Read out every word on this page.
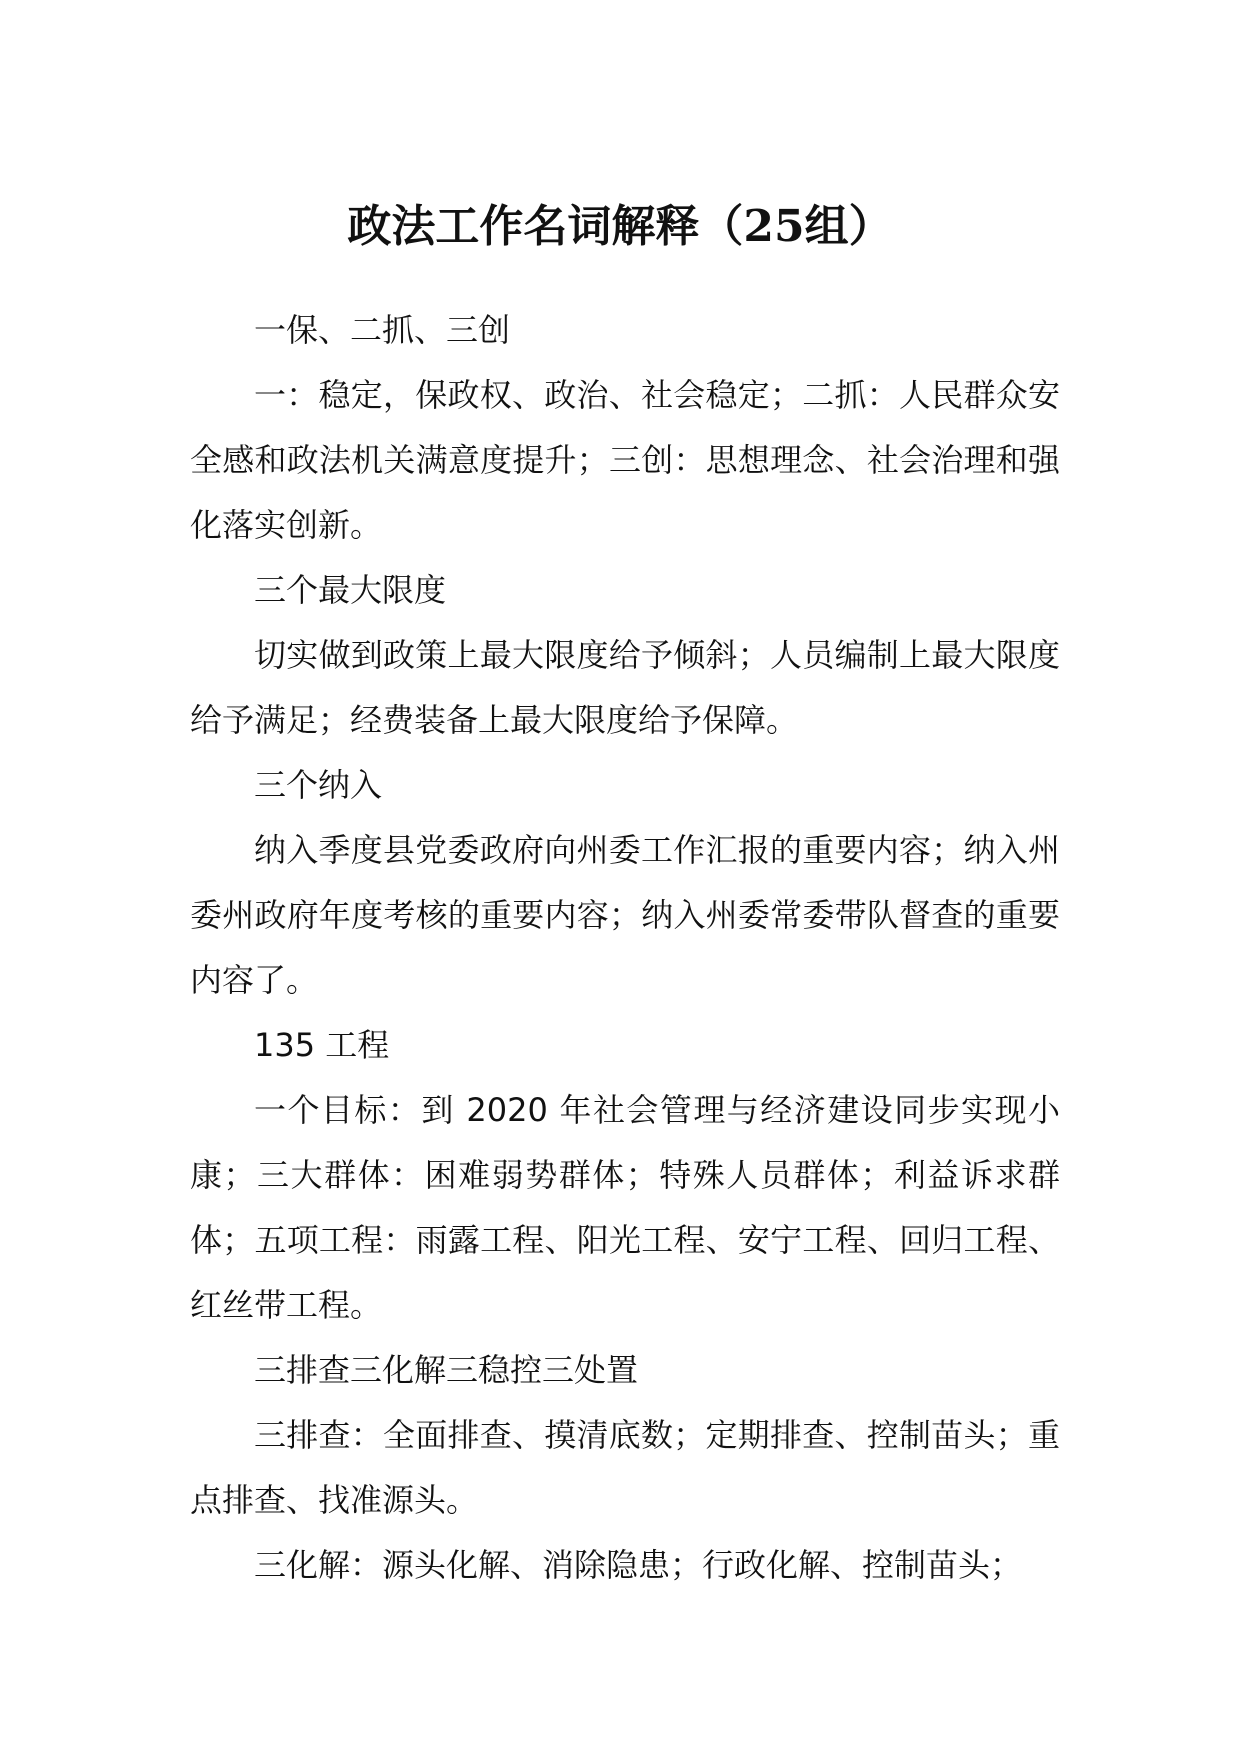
政法工作名词解释（25组）

一保、二抓、三创

一：稳定，保政权、政治、社会稳定；二抓：人民群众安全感和政法机关满意度提升；三创：思想理念、社会治理和强化落实创新。

三个最大限度

切实做到政策上最大限度给予倾斜；人员编制上最大限度给予满足；经费装备上最大限度给予保障。

三个纳入

纳入季度县党委政府向州委工作汇报的重要内容；纳入州委州政府年度考核的重要内容；纳入州委常委带队督查的重要内容了。

135 工程

一个目标：到 2020 年社会管理与经济建设同步实现小康；三大群体：困难弱势群体；特殊人员群体；利益诉求群体；五项工程：雨露工程、阳光工程、安宁工程、回归工程、红丝带工程。

三排查三化解三稳控三处置

三排查：全面排查、摸清底数；定期排查、控制苗头；重点排查、找准源头。

三化解：源头化解、消除隐患；行政化解、控制苗头；
